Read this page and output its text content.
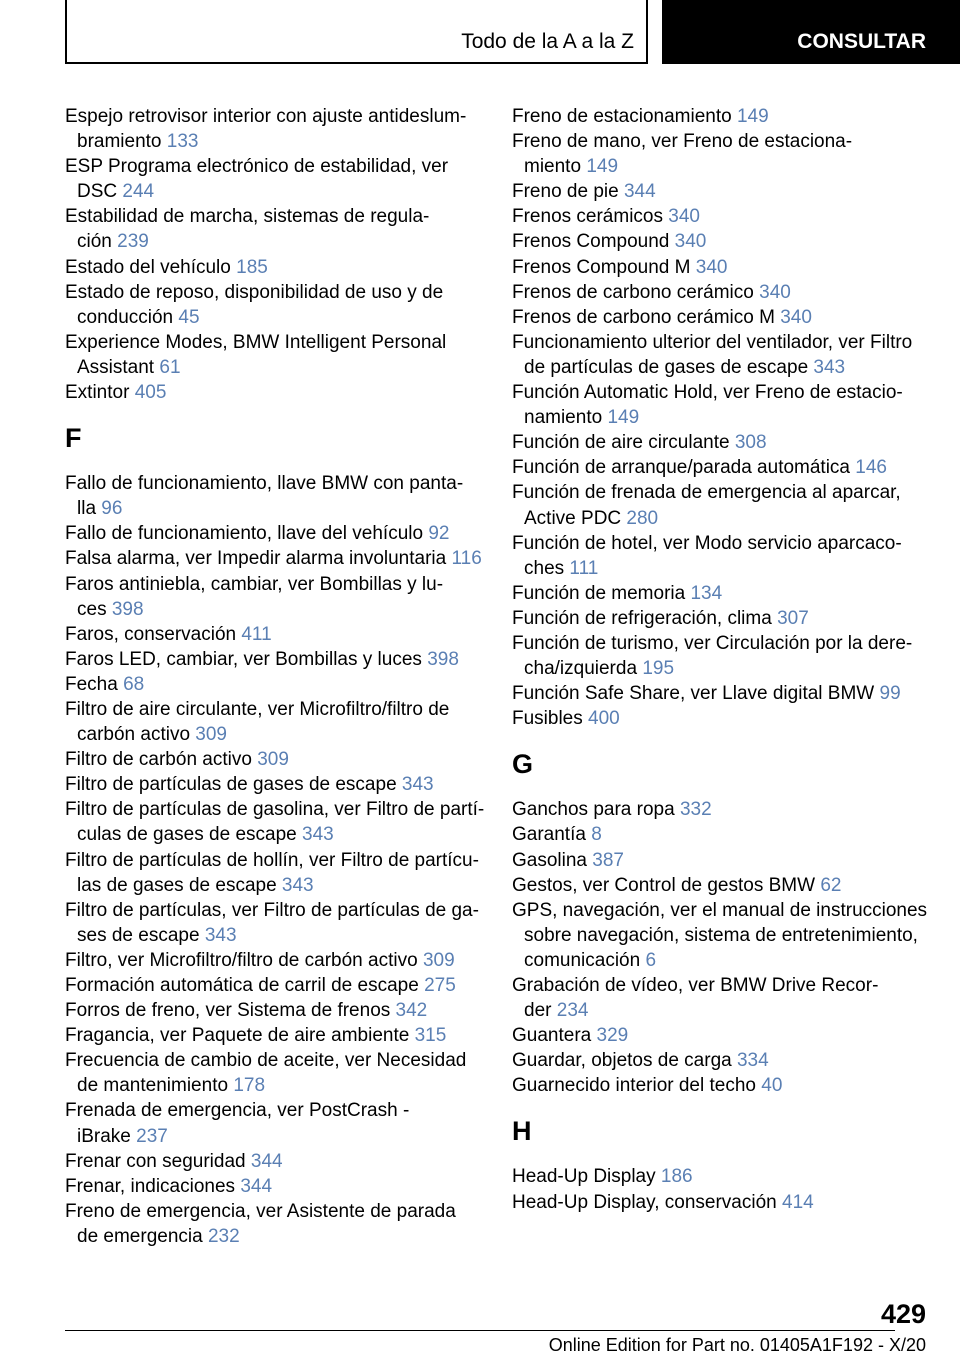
Todo de la A a la Z	CONSULTAR
Espejo retrovisor interior con ajuste antideslum-
bramiento 133
ESP Programa electrónico de estabilidad, ver
DSC 244
Estabilidad de marcha, sistemas de regula-
ción 239
Estado del vehículo 185
Estado de reposo, disponibilidad de uso y de
conducción 45
Experience Modes, BMW Intelligent Personal
Assistant 61
Extintor 405
F
Fallo de funcionamiento, llave BMW con panta-
lla 96
Fallo de funcionamiento, llave del vehículo 92
Falsa alarma, ver Impedir alarma involuntaria 116
Faros antiniebla, cambiar, ver Bombillas y lu-
ces 398
Faros, conservación 411
Faros LED, cambiar, ver Bombillas y luces 398
Fecha 68
Filtro de aire circulante, ver Microfiltro/filtro de
carbón activo 309
Filtro de carbón activo 309
Filtro de partículas de gases de escape 343
Filtro de partículas de gasolina, ver Filtro de partí-
culas de gases de escape 343
Filtro de partículas de hollín, ver Filtro de partícu-
las de gases de escape 343
Filtro de partículas, ver Filtro de partículas de ga-
ses de escape 343
Filtro, ver Microfiltro/filtro de carbón activo 309
Formación automática de carril de escape 275
Forros de freno, ver Sistema de frenos 342
Fragancia, ver Paquete de aire ambiente 315
Frecuencia de cambio de aceite, ver Necesidad
de mantenimiento 178
Frenada de emergencia, ver PostCrash -
iBrake 237
Frenar con seguridad 344
Frenar, indicaciones 344
Freno de emergencia, ver Asistente de parada
de emergencia 232
Freno de estacionamiento 149
Freno de mano, ver Freno de estaciona-
miento 149
Freno de pie 344
Frenos cerámicos 340
Frenos Compound 340
Frenos Compound M 340
Frenos de carbono cerámico 340
Frenos de carbono cerámico M 340
Funcionamiento ulterior del ventilador, ver Filtro
de partículas de gases de escape 343
Función Automatic Hold, ver Freno de estacio-
namiento 149
Función de aire circulante 308
Función de arranque/parada automática 146
Función de frenada de emergencia al aparcar,
Active PDC 280
Función de hotel, ver Modo servicio aparcaco-
ches 111
Función de memoria 134
Función de refrigeración, clima 307
Función de turismo, ver Circulación por la dere-
cha/izquierda 195
Función Safe Share, ver Llave digital BMW 99
Fusibles 400
G
Ganchos para ropa 332
Garantía 8
Gasolina 387
Gestos, ver Control de gestos BMW 62
GPS, navegación, ver el manual de instrucciones
sobre navegación, sistema de entretenimiento,
comunicación 6
Grabación de vídeo, ver BMW Drive Recor-
der 234
Guantera 329
Guardar, objetos de carga 334
Guarnecido interior del techo 40
H
Head-Up Display 186
Head-Up Display, conservación 414
429
Online Edition for Part no. 01405A1F192 - X/20
